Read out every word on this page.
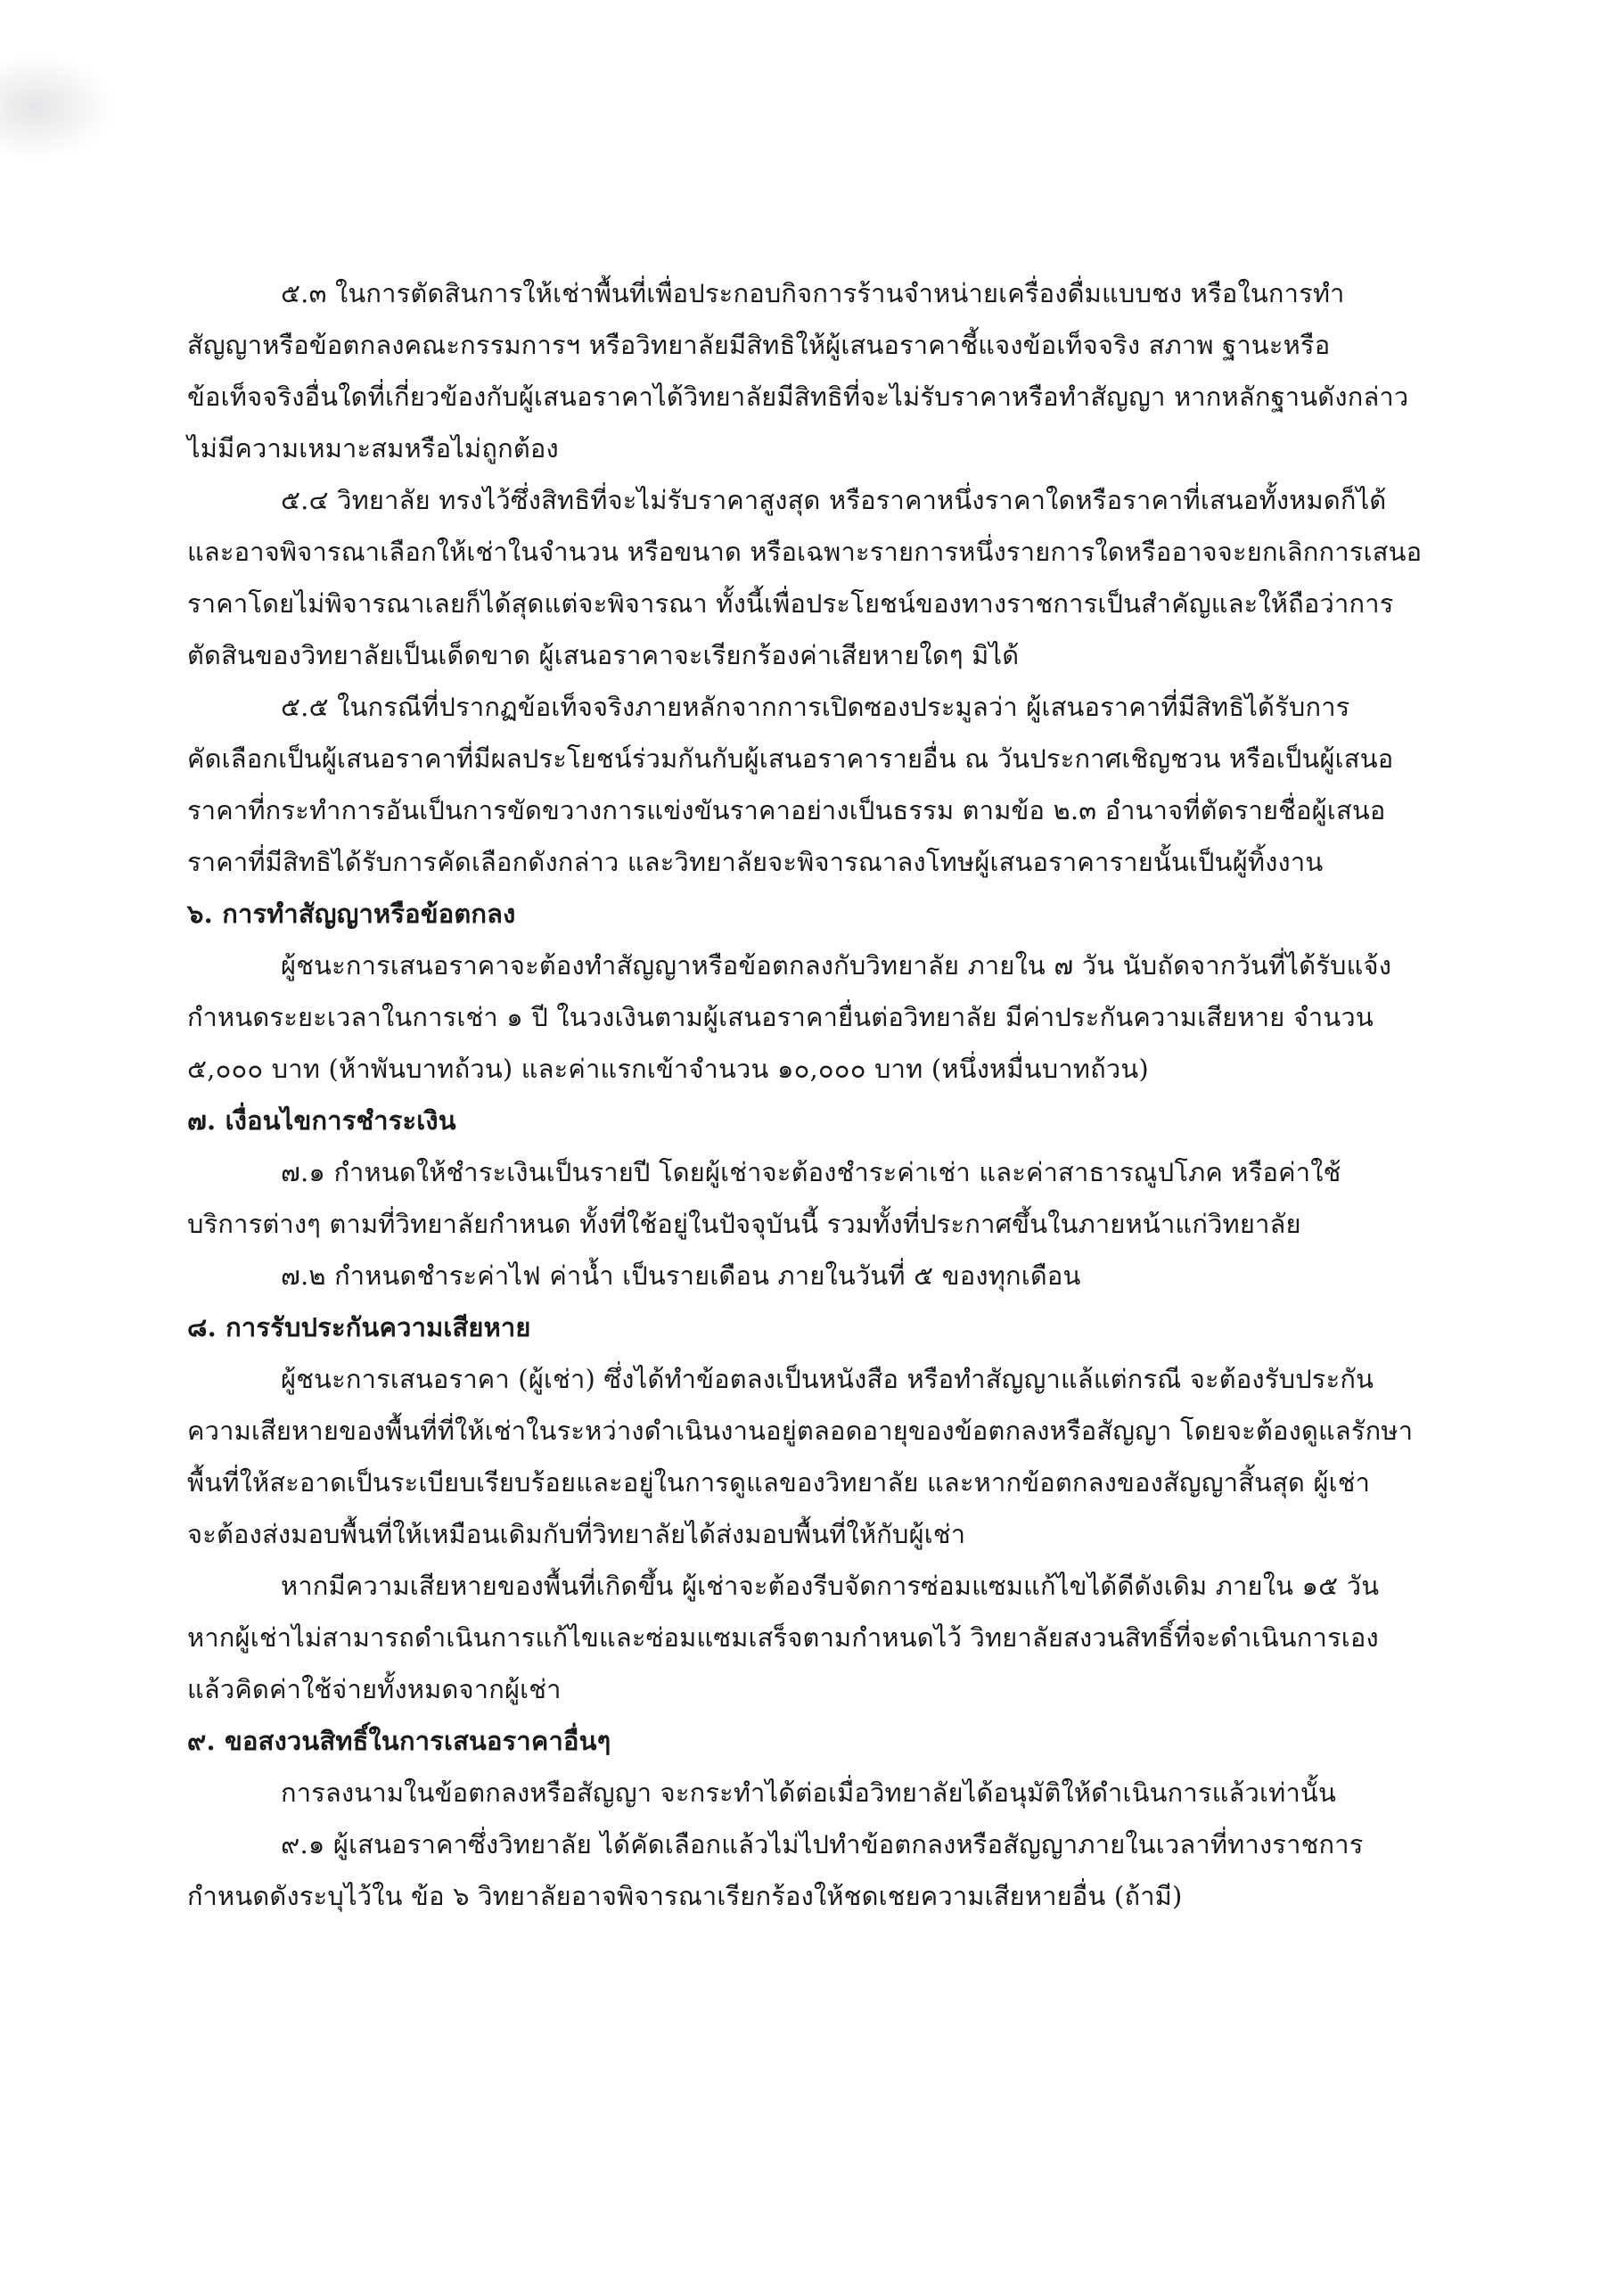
๕.๓ ในการตัดสินการให้เช่าพื้นที่เพื่อประกอบกิจการร้านจำหน่ายเครื่องดื่มแบบชง หรือในการทำ
สัญญาหรือข้อตกลงคณะกรรมการฯ หรือวิทยาลัยมีสิทธิให้ผู้เสนอราคาชี้แจงข้อเท็จจริง สภาพ ฐานะหรือ
ข้อเท็จจริงอื่นใดที่เกี่ยวข้องกับผู้เสนอราคาได้วิทยาลัยมีสิทธิที่จะไม่รับราคาหรือทำสัญญา หากหลักฐานดังกล่าว
ไม่มีความเหมาะสมหรือไม่ถูกต้อง
๕.๔ วิทยาลัย ทรงไว้ซึ่งสิทธิที่จะไม่รับราคาสูงสุด หรือราคาหนึ่งราคาใดหรือราคาที่เสนอทั้งหมดก็ได้
และอาจพิจารณาเลือกให้เช่าในจำนวน หรือขนาด หรือเฉพาะรายการหนึ่งรายการใดหรืออาจจะยกเลิกการเสนอ
ราคาโดยไม่พิจารณาเลยก็ได้สุดแต่จะพิจารณา ทั้งนี้เพื่อประโยชน์ของทางราชการเป็นสำคัญและให้ถือว่าการ
ตัดสินของวิทยาลัยเป็นเด็ดขาด ผู้เสนอราคาจะเรียกร้องค่าเสียหายใดๆ มิได้
๕.๕ ในกรณีที่ปรากฏข้อเท็จจริงภายหลักจากการเปิดซองประมูลว่า ผู้เสนอราคาที่มีสิทธิได้รับการ
คัดเลือกเป็นผู้เสนอราคาที่มีผลประโยชน์ร่วมกันกับผู้เสนอราคารายอื่น ณ วันประกาศเชิญชวน หรือเป็นผู้เสนอ
ราคาที่กระทำการอันเป็นการขัดขวางการแข่งขันราคาอย่างเป็นธรรม ตามข้อ ๒.๓ อำนาจที่ตัดรายชื่อผู้เสนอ
ราคาที่มีสิทธิได้รับการคัดเลือกดังกล่าว และวิทยาลัยจะพิจารณาลงโทษผู้เสนอราคารายนั้นเป็นผู้ทิ้งงาน
๖. การทำสัญญาหรือข้อตกลง
ผู้ชนะการเสนอราคาจะต้องทำสัญญาหรือข้อตกลงกับวิทยาลัย ภายใน ๗ วัน นับถัดจากวันที่ได้รับแจ้ง
กำหนดระยะเวลาในการเช่า ๑ ปี ในวงเงินตามผู้เสนอราคายื่นต่อวิทยาลัย มีค่าประกันความเสียหาย จำนวน
๕,๐๐๐ บาท (ห้าพันบาทถ้วน) และค่าแรกเข้าจำนวน ๑๐,๐๐๐ บาท (หนึ่งหมื่นบาทถ้วน)
๗. เงื่อนไขการชำระเงิน
๗.๑ กำหนดให้ชำระเงินเป็นรายปี โดยผู้เช่าจะต้องชำระค่าเช่า และค่าสาธารณูปโภค หรือค่าใช้
บริการต่างๆ ตามที่วิทยาลัยกำหนด ทั้งที่ใช้อยู่ในปัจจุบันนี้ รวมทั้งที่ประกาศขึ้นในภายหน้าแก่วิทยาลัย
๗.๒ กำหนดชำระค่าไฟ ค่าน้ำ เป็นรายเดือน ภายในวันที่ ๕ ของทุกเดือน
๘. การรับประกันความเสียหาย
ผู้ชนะการเสนอราคา (ผู้เช่า) ซึ่งได้ทำข้อตลงเป็นหนังสือ หรือทำสัญญาแล้แต่กรณี จะต้องรับประกัน
ความเสียหายของพื้นที่ที่ให้เช่าในระหว่างดำเนินงานอยู่ตลอดอายุของข้อตกลงหรือสัญญา โดยจะต้องดูแลรักษา
พื้นที่ให้สะอาดเป็นระเบียบเรียบร้อยและอยู่ในการดูแลของวิทยาลัย และหากข้อตกลงของสัญญาสิ้นสุด ผู้เช่า
จะต้องส่งมอบพื้นที่ให้เหมือนเดิมกับที่วิทยาลัยได้ส่งมอบพื้นที่ให้กับผู้เช่า
หากมีความเสียหายของพื้นที่เกิดขึ้น ผู้เช่าจะต้องรีบจัดการซ่อมแซมแก้ไขได้ดีดังเดิม ภายใน ๑๕ วัน
หากผู้เช่าไม่สามารถดำเนินการแก้ไขและซ่อมแซมเสร็จตามกำหนดไว้ วิทยาลัยสงวนสิทธิ์ที่จะดำเนินการเอง
แล้วคิดค่าใช้จ่ายทั้งหมดจากผู้เช่า
๙. ขอสงวนสิทธิ์ในการเสนอราคาอื่นๆ
การลงนามในข้อตกลงหรือสัญญา จะกระทำได้ต่อเมื่อวิทยาลัยได้อนุมัติให้ดำเนินการแล้วเท่านั้น
๙.๑ ผู้เสนอราคาซึ่งวิทยาลัย ได้คัดเลือกแล้วไม่ไปทำข้อตกลงหรือสัญญาภายในเวลาที่ทางราชการ
กำหนดดังระบุไว้ใน ข้อ ๖ วิทยาลัยอาจพิจารณาเรียกร้องให้ชดเชยความเสียหายอื่น (ถ้ามี)
